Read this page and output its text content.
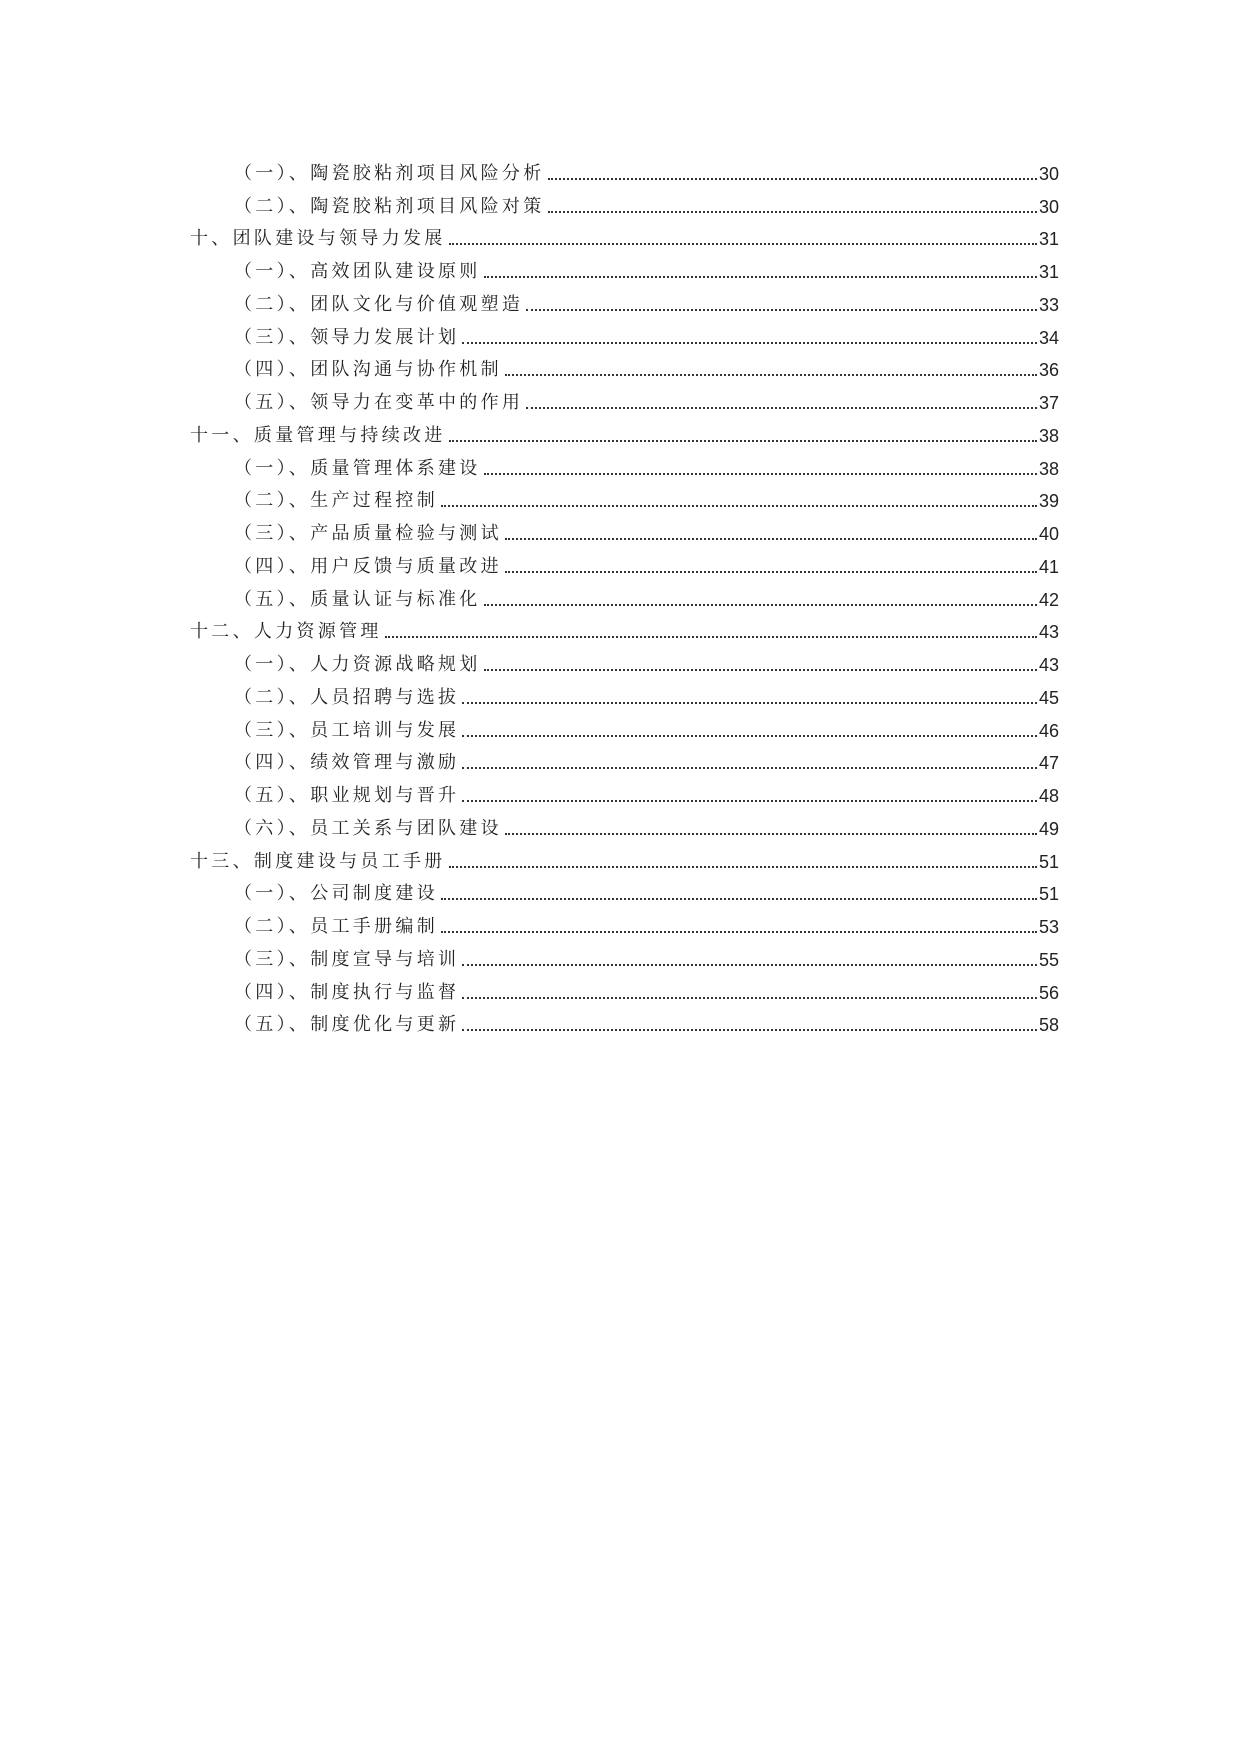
（一）、陶瓷胶粘剂项目风险分析	30
（二）、陶瓷胶粘剂项目风险对策	30
十、团队建设与领导力发展	31
（一）、高效团队建设原则	31
（二）、团队文化与价值观塑造	33
（三）、领导力发展计划	34
（四）、团队沟通与协作机制	36
（五）、领导力在变革中的作用	37
十一、质量管理与持续改进	38
（一）、质量管理体系建设	38
（二）、生产过程控制	39
（三）、产品质量检验与测试	40
（四）、用户反馈与质量改进	41
（五）、质量认证与标准化	42
十二、人力资源管理	43
（一）、人力资源战略规划	43
（二）、人员招聘与选拔	45
（三）、员工培训与发展	46
（四）、绩效管理与激励	47
（五）、职业规划与晋升	48
（六）、员工关系与团队建设	49
十三、制度建设与员工手册	51
（一）、公司制度建设	51
（二）、员工手册编制	53
（三）、制度宣导与培训	55
（四）、制度执行与监督	56
（五）、制度优化与更新	58
